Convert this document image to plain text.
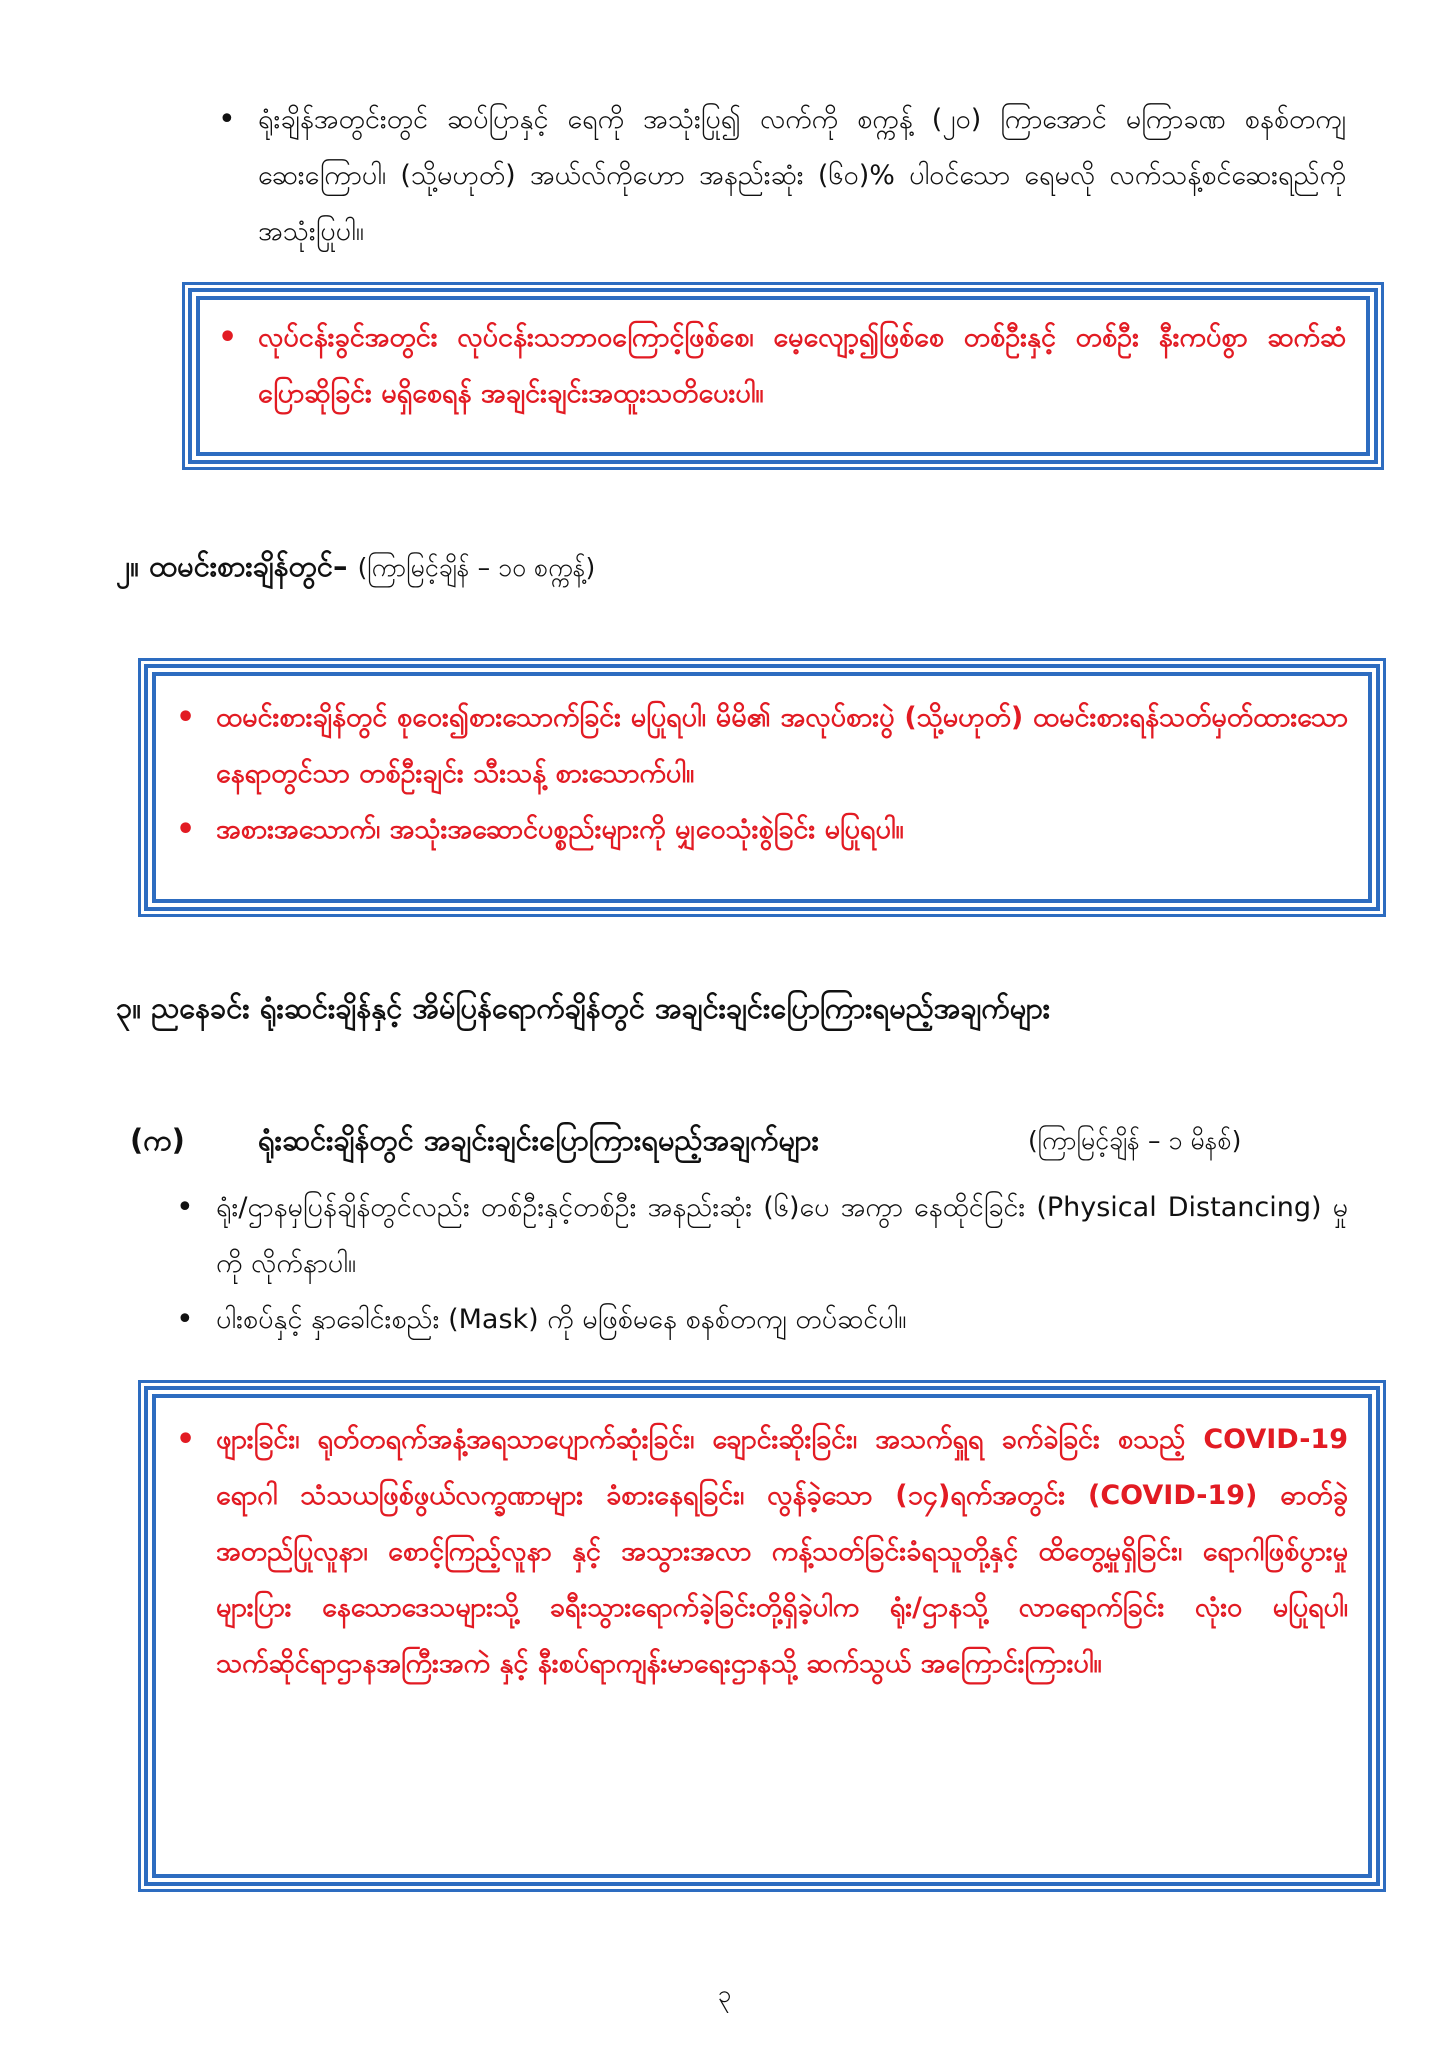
• ရုံးချိန်အတွင်းတွင် ဆပ်ပြာနှင့် ရေကို အသုံးပြု၍ လက်ကို စက္ကန့် (၂၀) ကြာအောင် မကြာခဏ စနစ်တကျ ဆေးကြောပါ၊ (သို့မဟုတ်) အယ်လ်ကိုဟော အနည်းဆုံး (၆၀)% ပါဝင်သော ရေမလို လက်သန့်စင်ဆေးရည်ကို အသုံးပြုပါ။
• လုပ်ငန်းခွင်အတွင်း လုပ်ငန်းသဘာဝကြောင့်ဖြစ်စေ၊ မေ့လျော့၍ဖြစ်စေ တစ်ဦးနှင့် တစ်ဦး နီးကပ်စွာ ဆက်ဆံပြောဆိုခြင်း မရှိစေရန် အချင်းချင်းအထူးသတိပေးပါ။
၂။ ထမင်းစားချိန်တွင်– (ကြာမြင့်ချိန် – ၁၀ စက္ကန့်)
• ထမင်းစားချိန်တွင် စုဝေး၍စားသောက်ခြင်း မပြုရပါ၊ မိမိ၏ အလုပ်စားပွဲ (သို့မဟုတ်) ထမင်းစားရန်သတ်မှတ်ထားသော နေရာတွင်သာ တစ်ဦးချင်း သီးသန့် စားသောက်ပါ။
• အစားအသောက်၊ အသုံးအဆောင်ပစ္စည်းများကို မျှဝေသုံးစွဲခြင်း မပြုရပါ။
၃။ ညနေခင်း ရုံးဆင်းချိန်နှင့် အိမ်ပြန်ရောက်ချိန်တွင် အချင်းချင်းပြောကြားရမည့်အချက်များ
(က)	ရုံးဆင်းချိန်တွင် အချင်းချင်းပြောကြားရမည့်အချက်များ	(ကြာမြင့်ချိန် – ၁ မိနစ်)
• ရုံး/ဌာနမှပြန်ချိန်တွင်လည်း တစ်ဦးနှင့်တစ်ဦး အနည်းဆုံး (၆)ပေ အကွာ နေထိုင်ခြင်း (Physical Distancing) မှုကို လိုက်နာပါ။
• ပါးစပ်နှင့် နှာခေါင်းစည်း (Mask) ကို မဖြစ်မနေ စနစ်တကျ တပ်ဆင်ပါ။
• ဖျားခြင်း၊ ရုတ်တရက်အနံ့အရသာပျောက်ဆုံးခြင်း၊ ချောင်းဆိုးခြင်း၊ အသက်ရှူရ ခက်ခဲခြင်း စသည့် COVID-19 ရောဂါ သံသယဖြစ်ဖွယ်လက္ခဏာများ ခံစားနေရခြင်း၊ လွန်ခဲ့သော (၁၄)ရက်အတွင်း (COVID-19) ဓာတ်ခွဲအတည်ပြုလူနာ၊ စောင့်ကြည့်လူနာ နှင့် အသွားအလာ ကန့်သတ်ခြင်းခံရသူတို့နှင့် ထိတွေ့မှုရှိခြင်း၊ ရောဂါဖြစ်ပွားမှု များပြား နေသောဒေသများသို့ ခရီးသွားရောက်ခဲ့ခြင်းတို့ရှိခဲ့ပါက ရုံး/ဌာနသို့ လာရောက်ခြင်း လုံးဝ မပြုရပါ၊ သက်ဆိုင်ရာဌာနအကြီးအကဲ နှင့် နီးစပ်ရာကျန်းမာရေးဌာနသို့ ဆက်သွယ် အကြောင်းကြားပါ။
၃
